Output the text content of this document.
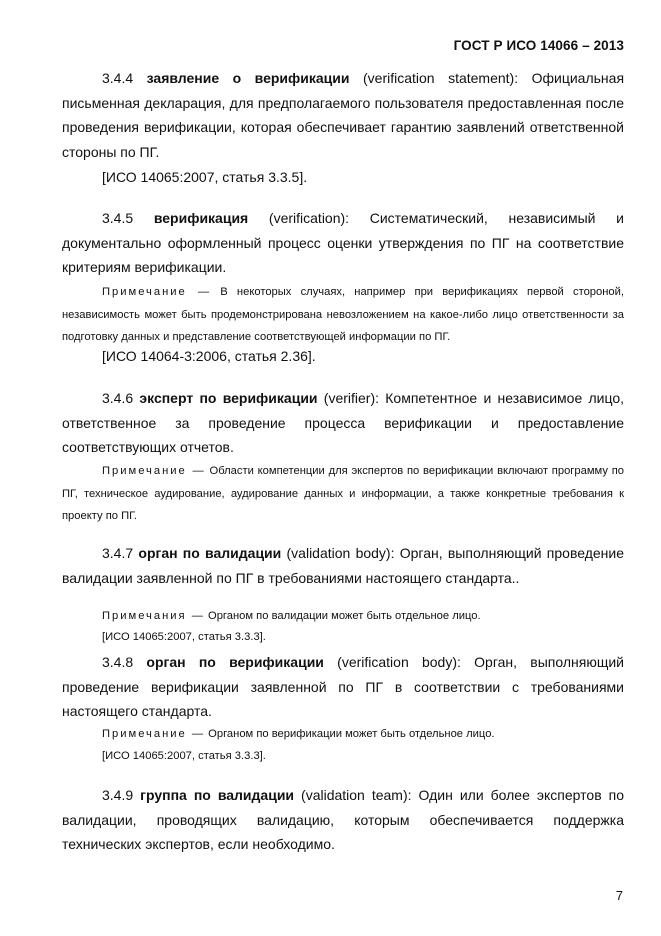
ГОСТ Р ИСО 14066 – 2013

3.4.4 заявление о верификации (verification statement): Официальная письменная декларация, для предполагаемого пользователя предоставленная после проведения верификации, которая обеспечивает гарантию заявлений ответственной стороны по ПГ.

[ИСО 14065:2007, статья 3.3.5].

3.4.5 верификация (verification): Систематический, независимый и документально оформленный процесс оценки утверждения по ПГ на соответствие критериям верификации.

Примечание — В некоторых случаях, например при верификациях первой стороной, независимость может быть продемонстрирована невозложением на какое-либо лицо ответственности за подготовку данных и представление соответствующей информации по ПГ.

[ИСО 14064-3:2006, статья 2.36].

3.4.6 эксперт по верификации (verifier): Компетентное и независимое лицо, ответственное за проведение процесса верификации и предоставление соответствующих отчетов.

Примечание — Области компетенции для экспертов по верификации включают программу по ПГ, техническое аудирование, аудирование данных и информации, а также конкретные требования к проекту по ПГ.

3.4.7 орган по валидации (validation body): Орган, выполняющий проведение валидации заявленной по ПГ в требованиями настоящего стандарта..

Примечания — Органом по валидации может быть отдельное лицо.

[ИСО 14065:2007, статья 3.3.3].

3.4.8 орган по верификации (verification body): Орган, выполняющий проведение верификации заявленной по ПГ в соответствии с требованиями настоящего стандарта.

Примечание — Органом по верификации может быть отдельное лицо.

[ИСО 14065:2007, статья 3.3.3].

3.4.9 группа по валидации (validation team): Один или более экспертов по валидации, проводящих валидацию, которым обеспечивается поддержка технических экспертов, если необходимо.

7
